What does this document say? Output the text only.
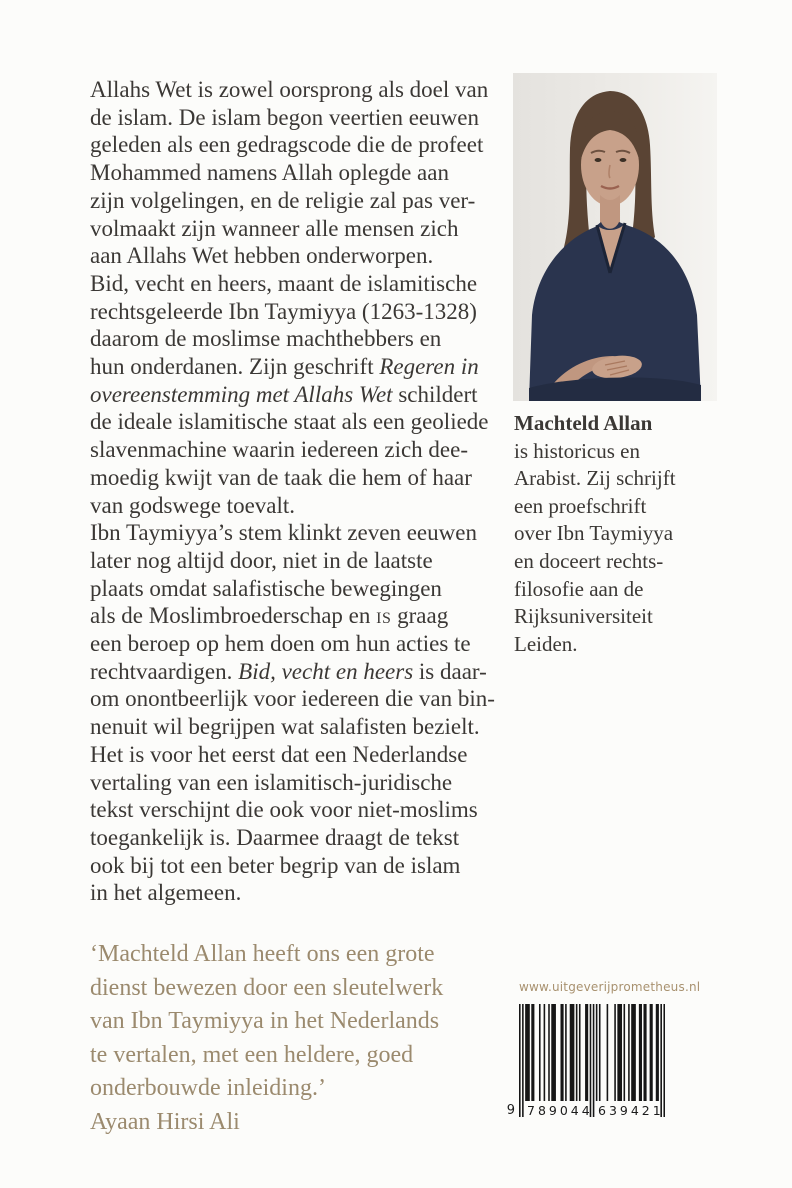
Allahs Wet is zowel oorsprong als doel van
de islam. De islam begon veertien eeuwen
geleden als een gedragscode die de profeet
Mohammed namens Allah oplegde aan
zijn volgelingen, en de religie zal pas ver-
volmaakt zijn wanneer alle mensen zich
aan Allahs Wet hebben onderworpen.
Bid, vecht en heers, maant de islamitische
rechtsgeleerde Ibn Taymiyya (1263-1328)
daarom de moslimse machthebbers en
hun onderdanen. Zijn geschrift Regeren in
overeenstemming met Allahs Wet schildert
de ideale islamitische staat als een geoliede
slavenmachine waarin iedereen zich dee-
moedig kwijt van de taak die hem of haar
van godswege toevalt.
Ibn Taymiyya’s stem klinkt zeven eeuwen
later nog altijd door, niet in de laatste
plaats omdat salafistische bewegingen
als de Moslimbroederschap en is graag
een beroep op hem doen om hun acties te
rechtvaardigen. Bid, vecht en heers is daar-
om onontbeerlijk voor iedereen die van bin-
nenuit wil begrijpen wat salafisten bezielt.
Het is voor het eerst dat een Nederlandse
vertaling van een islamitisch-juridische
tekst verschijnt die ook voor niet-moslims
toegankelijk is. Daarmee draagt de tekst
ook bij tot een beter begrip van de islam
in het algemeen.
Machteld Allan
is historicus en
Arabist. Zij schrijft
een proefschrift
over Ibn Taymiyya
en doceert rechts-
filosofie aan de
Rijksuniversiteit
Leiden.
‘Machteld Allan heeft ons een grote
dienst bewezen door een sleutelwerk
van Ibn Taymiyya in het Nederlands
te vertalen, met een heldere, goed
onderbouwde inleiding.’
Ayaan Hirsi Ali
www.uitgeverijprometheus.nl
9 789044 639421
